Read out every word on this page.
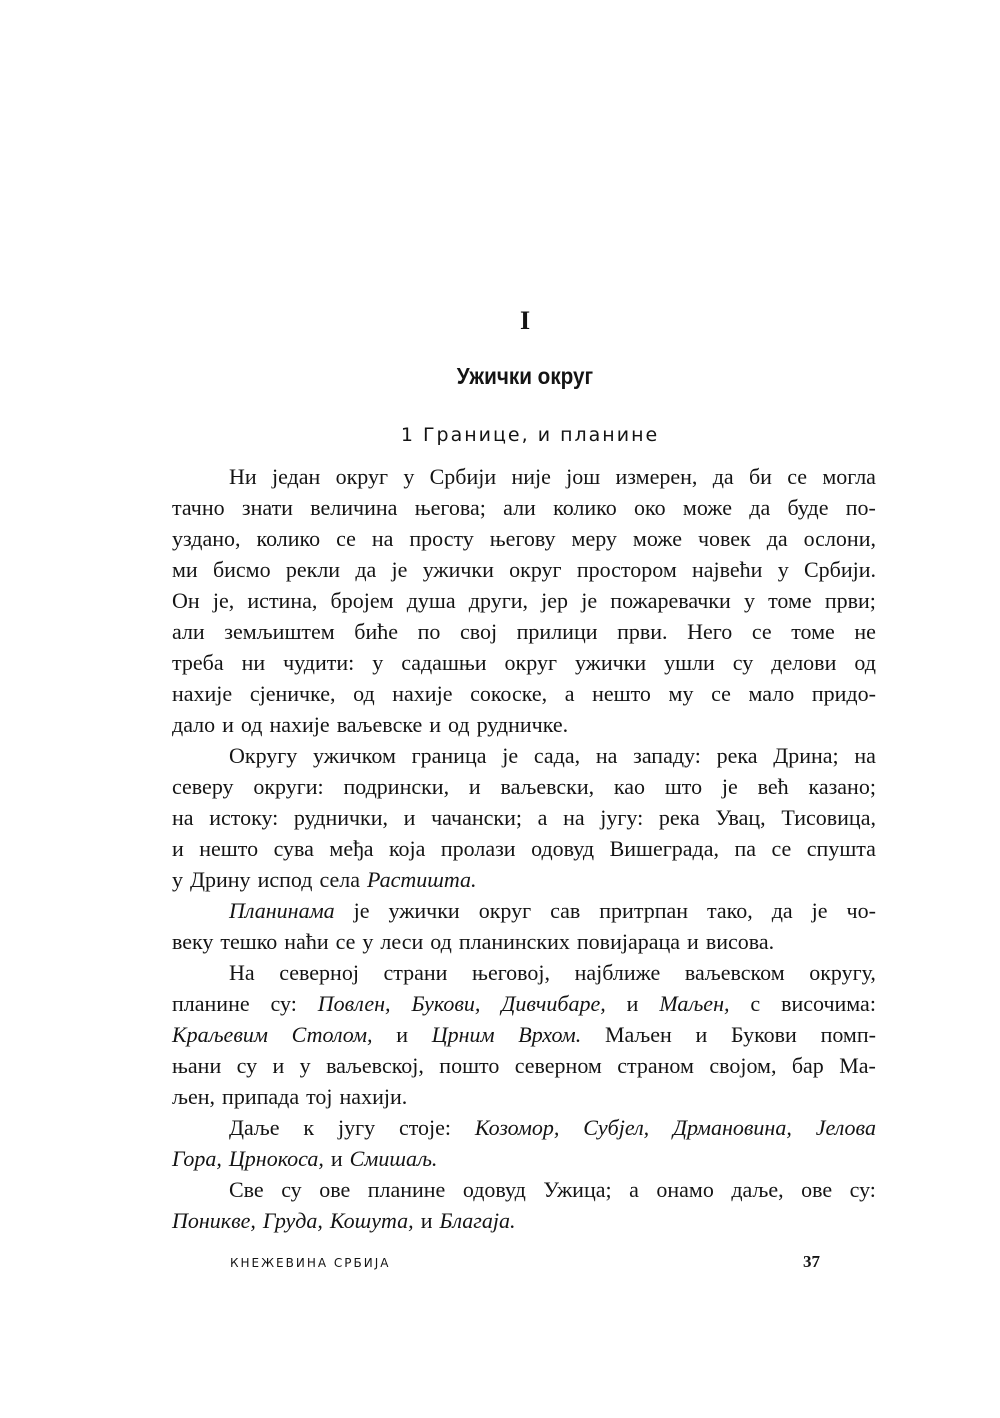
I
Ужички округ
1 Границе, и планине
Ни један округ у Србији није још измерен, да би се могла
тачно знати величина његова; али колико око може да буде по-
уздано, колико се на просту његову меру може човек да ослони,
ми бисмо рекли да је ужички округ простором највећи у Србији.
Он је, истина, бројем душа други, јер је пожаревачки у томе први;
али земљиштем биће по свој прилици први. Него се томе не
треба ни чудити: у садашњи округ ужички ушли су делови од
нахије сјеничке, од нахије сокоске, а нешто му се мало придо-
дало и од нахије ваљевске и од рудничке.
Округу ужичком граница је сада, на западу: река Дрина; на
северу округи: подрински, и ваљевски, као што је већ казано;
на истоку: руднички, и чачански; а на југу: река Увац, Тисовица,
и нешто сува међа која пролази одовуд Вишеграда, па се спушта
у Дрину испод села Растишта.
Планинама је ужички округ сав притрпан тако, да је чо-
веку тешко наћи се у леси од планинских повијараца и висова.
На северној страни његовој, најближе ваљевском округу,
планине су: Повлен, Букови, Дивчибаре, и Маљен, с височима:
Краљевим Столом, и Црним Врхом. Маљен и Букови помп-
њани су и у ваљевској, пошто северном страном својом, бар Ма-
љен, припада тој нахији.
Даље к југу стоје: Козомор, Субјел, Дрмановина, Јелова
Гора, Црнокоса, и Смишаљ.
Све су ове планине одовуд Ужица; а онамо даље, ове су:
Поникве, Груда, Кошута, и Благаја.
КНЕЖЕВИНА СРБИЈА	37
